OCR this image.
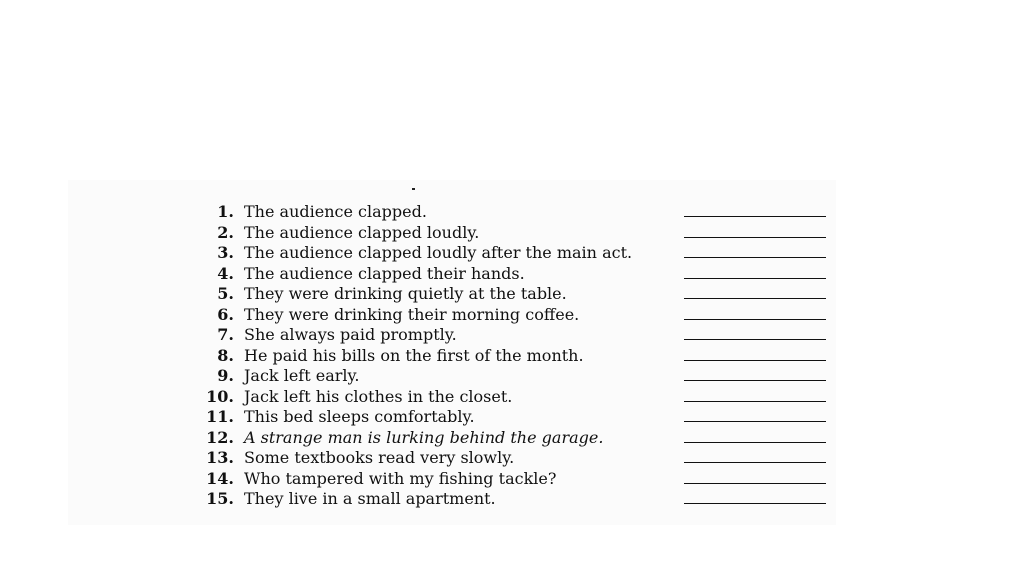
1. The audience clapped.
2. The audience clapped loudly.
3. The audience clapped loudly after the main act.
4. The audience clapped their hands.
5. They were drinking quietly at the table.
6. They were drinking their morning coffee.
7. She always paid promptly.
8. He paid his bills on the first of the month.
9. Jack left early.
10. Jack left his clothes in the closet.
11. This bed sleeps comfortably.
12. A strange man is lurking behind the garage.
13. Some textbooks read very slowly.
14. Who tampered with my fishing tackle?
15. They live in a small apartment.
